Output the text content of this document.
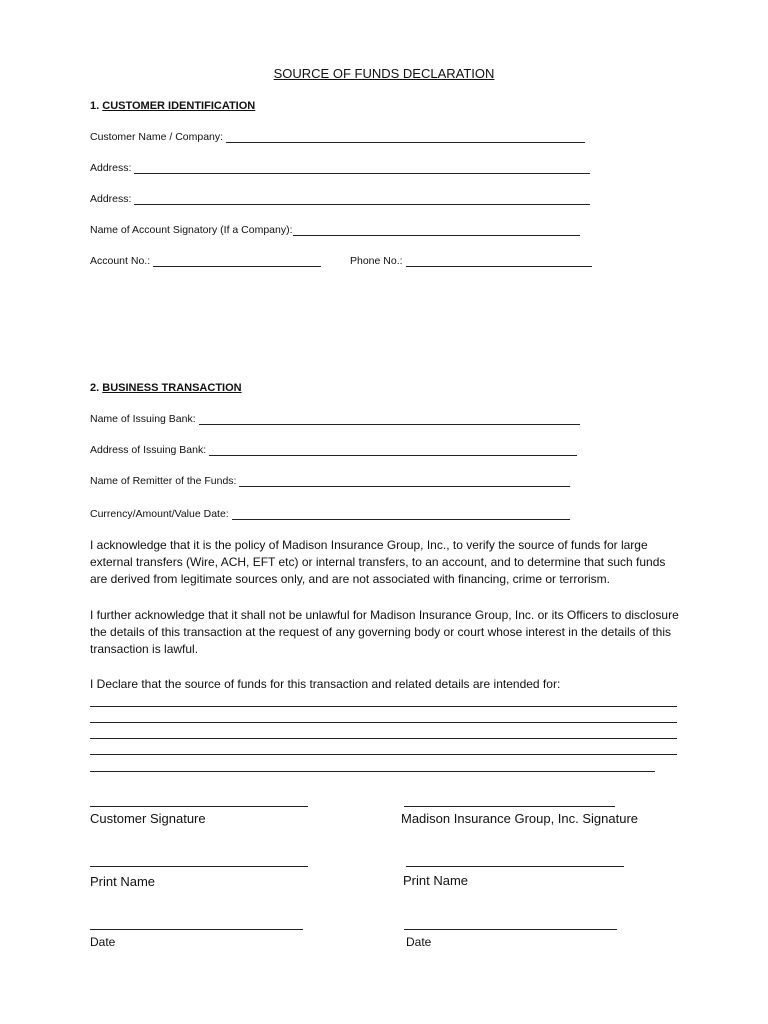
SOURCE OF FUNDS DECLARATION
1. CUSTOMER IDENTIFICATION
Customer Name / Company:
Address:
Address:
Name of Account Signatory (If a Company):
Account No.:	Phone No.:
2. BUSINESS TRANSACTION
Name of Issuing Bank:
Address of Issuing Bank:
Name of Remitter of the Funds:
Currency/Amount/Value Date:
I acknowledge that it is the policy of Madison Insurance Group, Inc., to verify the source of funds for large external transfers (Wire, ACH, EFT etc) or internal transfers, to an account, and to determine that such funds are derived from legitimate sources only, and are not associated with financing, crime or terrorism.
I further acknowledge that it shall not be unlawful for Madison Insurance Group, Inc. or its Officers to disclosure the details of this transaction at the request of any governing body or court whose interest in the details of this transaction is lawful.
I Declare that the source of funds for this transaction and related details are intended for:
Customer Signature	Madison Insurance Group, Inc. Signature
Print Name	Print Name
Date	Date
